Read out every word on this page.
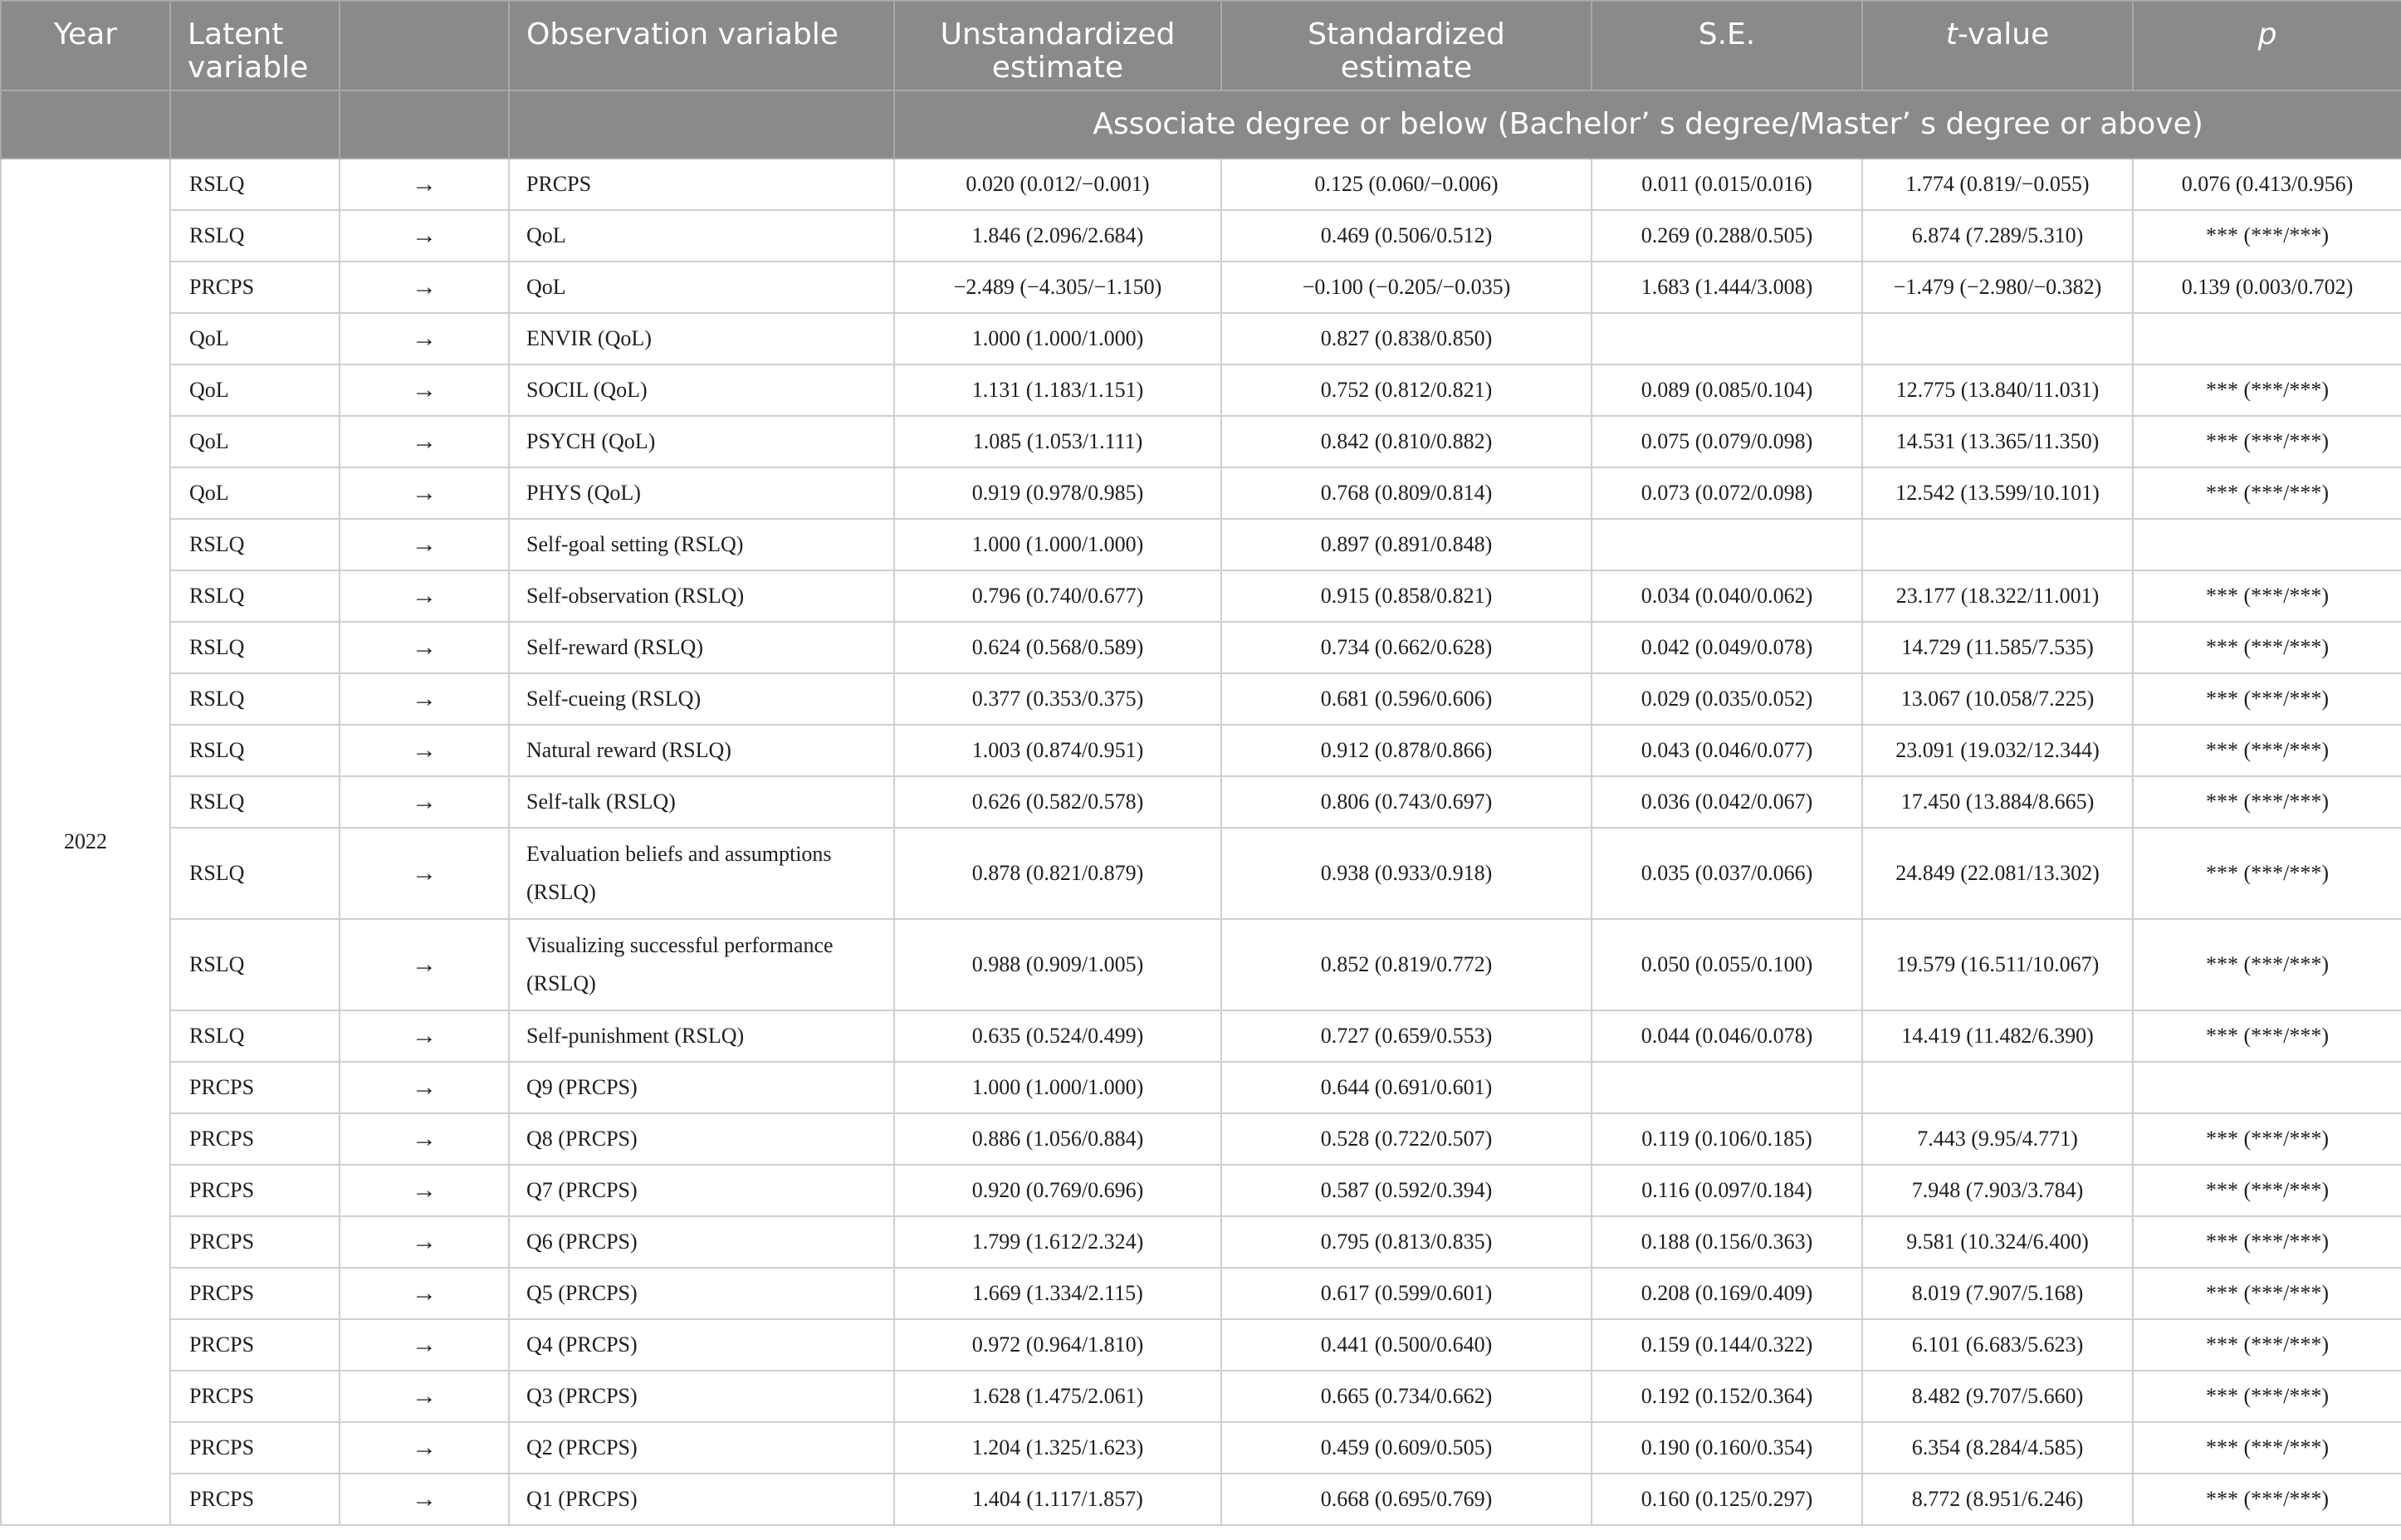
Year	Latent variable		Observation variable	Unstandardized estimate	Standardized estimate	S.E.	t-value	p
				Associate degree or below (Bachelor’ s degree/Master’ s degree or above)				
2022	RSLQ	→	PRCPS	0.020 (0.012/−0.001)	0.125 (0.060/−0.006)	0.011 (0.015/0.016)	1.774 (0.819/−0.055)	0.076 (0.413/0.956)
	RSLQ	→	QoL	1.846 (2.096/2.684)	0.469 (0.506/0.512)	0.269 (0.288/0.505)	6.874 (7.289/5.310)	*** (***/***)
	PRCPS	→	QoL	−2.489 (−4.305/−1.150)	−0.100 (−0.205/−0.035)	1.683 (1.444/3.008)	−1.479 (−2.980/−0.382)	0.139 (0.003/0.702)
	QoL	→	ENVIR (QoL)	1.000 (1.000/1.000)	0.827 (0.838/0.850)			
	QoL	→	SOCIL (QoL)	1.131 (1.183/1.151)	0.752 (0.812/0.821)	0.089 (0.085/0.104)	12.775 (13.840/11.031)	*** (***/***)
	QoL	→	PSYCH (QoL)	1.085 (1.053/1.111)	0.842 (0.810/0.882)	0.075 (0.079/0.098)	14.531 (13.365/11.350)	*** (***/***)
	QoL	→	PHYS (QoL)	0.919 (0.978/0.985)	0.768 (0.809/0.814)	0.073 (0.072/0.098)	12.542 (13.599/10.101)	*** (***/***)
	RSLQ	→	Self-goal setting (RSLQ)	1.000 (1.000/1.000)	0.897 (0.891/0.848)			
	RSLQ	→	Self-observation (RSLQ)	0.796 (0.740/0.677)	0.915 (0.858/0.821)	0.034 (0.040/0.062)	23.177 (18.322/11.001)	*** (***/***)
	RSLQ	→	Self-reward (RSLQ)	0.624 (0.568/0.589)	0.734 (0.662/0.628)	0.042 (0.049/0.078)	14.729 (11.585/7.535)	*** (***/***)
	RSLQ	→	Self-cueing (RSLQ)	0.377 (0.353/0.375)	0.681 (0.596/0.606)	0.029 (0.035/0.052)	13.067 (10.058/7.225)	*** (***/***)
	RSLQ	→	Natural reward (RSLQ)	1.003 (0.874/0.951)	0.912 (0.878/0.866)	0.043 (0.046/0.077)	23.091 (19.032/12.344)	*** (***/***)
	RSLQ	→	Self-talk (RSLQ)	0.626 (0.582/0.578)	0.806 (0.743/0.697)	0.036 (0.042/0.067)	17.450 (13.884/8.665)	*** (***/***)
	RSLQ	→	Evaluation beliefs and assumptions (RSLQ)	0.878 (0.821/0.879)	0.938 (0.933/0.918)	0.035 (0.037/0.066)	24.849 (22.081/13.302)	*** (***/***)
	RSLQ	→	Visualizing successful performance (RSLQ)	0.988 (0.909/1.005)	0.852 (0.819/0.772)	0.050 (0.055/0.100)	19.579 (16.511/10.067)	*** (***/***)
	RSLQ	→	Self-punishment (RSLQ)	0.635 (0.524/0.499)	0.727 (0.659/0.553)	0.044 (0.046/0.078)	14.419 (11.482/6.390)	*** (***/***)
	PRCPS	→	Q9 (PRCPS)	1.000 (1.000/1.000)	0.644 (0.691/0.601)			
	PRCPS	→	Q8 (PRCPS)	0.886 (1.056/0.884)	0.528 (0.722/0.507)	0.119 (0.106/0.185)	7.443 (9.95/4.771)	*** (***/***)
	PRCPS	→	Q7 (PRCPS)	0.920 (0.769/0.696)	0.587 (0.592/0.394)	0.116 (0.097/0.184)	7.948 (7.903/3.784)	*** (***/***)
	PRCPS	→	Q6 (PRCPS)	1.799 (1.612/2.324)	0.795 (0.813/0.835)	0.188 (0.156/0.363)	9.581 (10.324/6.400)	*** (***/***)
	PRCPS	→	Q5 (PRCPS)	1.669 (1.334/2.115)	0.617 (0.599/0.601)	0.208 (0.169/0.409)	8.019 (7.907/5.168)	*** (***/***)
	PRCPS	→	Q4 (PRCPS)	0.972 (0.964/1.810)	0.441 (0.500/0.640)	0.159 (0.144/0.322)	6.101 (6.683/5.623)	*** (***/***)
	PRCPS	→	Q3 (PRCPS)	1.628 (1.475/2.061)	0.665 (0.734/0.662)	0.192 (0.152/0.364)	8.482 (9.707/5.660)	*** (***/***)
	PRCPS	→	Q2 (PRCPS)	1.204 (1.325/1.623)	0.459 (0.609/0.505)	0.190 (0.160/0.354)	6.354 (8.284/4.585)	*** (***/***)
	PRCPS	→	Q1 (PRCPS)	1.404 (1.117/1.857)	0.668 (0.695/0.769)	0.160 (0.125/0.297)	8.772 (8.951/6.246)	*** (***/***)
